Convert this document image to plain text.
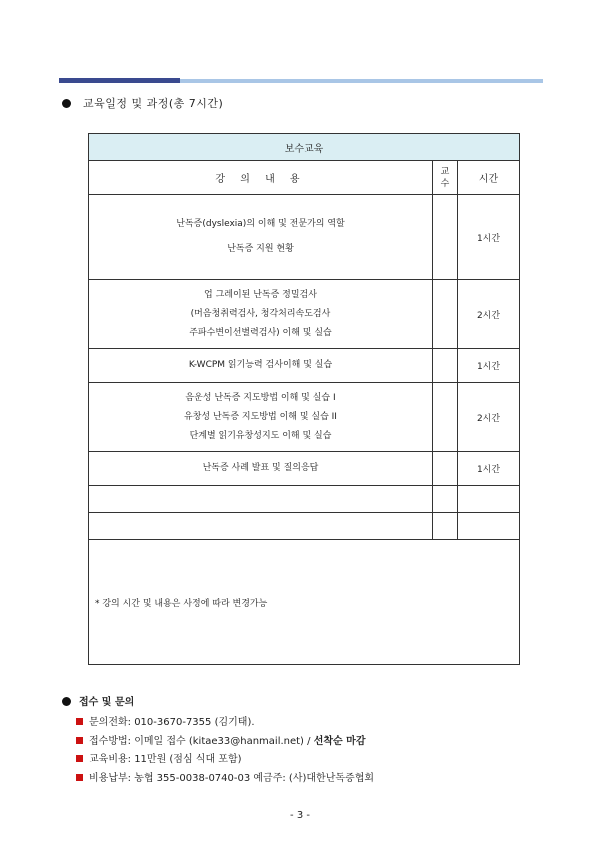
교육일정 및 과정(총 7시간)
보수교육		
강 의 내 용	교수	시간

난독증(dyslexia)의 이해 및 전문가의 역할
난독증 지원 현황		1시간

업 그레이된 난독증 정밀검사
(머음청취력검사, 청각처리속도검사
주파수변이선별력검사) 이해 및 실습		2시간

K-WCPM 읽기능력 검사이해 및 실습		1시간

음운성 난독증 지도방법 이해 및 실습 I
유창성 난독증 지도방법 이해 및 실습 II
단계별 읽기유창성지도 이해 및 실습		2시간

난독증 사례 발표 및 질의응답		1시간

* 강의 시간 및 내용은 사정에 따라 변경가능		
접수 및 문의
문의전화: 010-3670-7355 (김기태).
접수방법: 이메일 접수 (kitae33@hanmail.net) / 선착순 마감
교육비용: 11만원 (점심 식대 포함)
비용납부: 농협 355-0038-0740-03 예금주: (사)대한난독증협회
- 3 -
